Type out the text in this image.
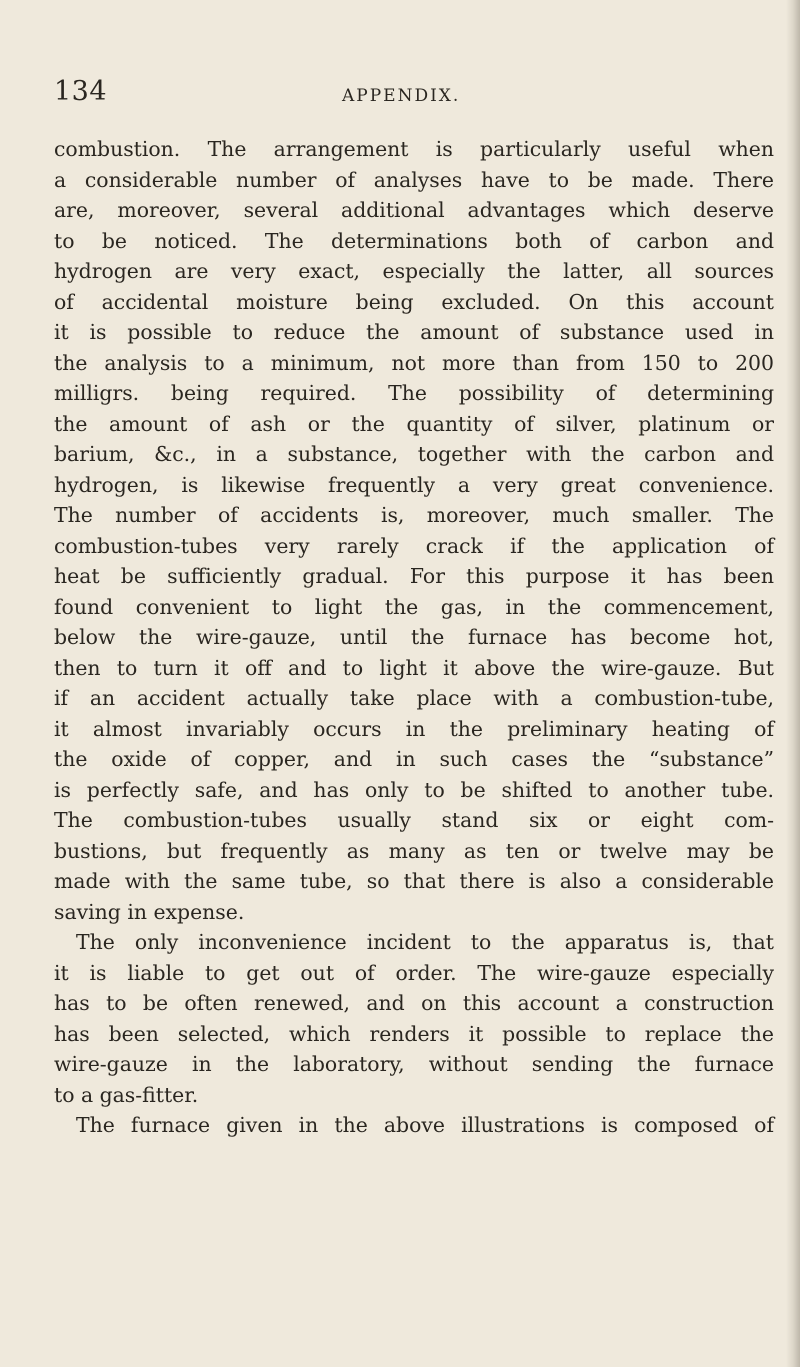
134	APPENDIX.
combustion. The arrangement is particularly useful when
a considerable number of analyses have to be made. There
are, moreover, several additional advantages which deserve
to be noticed. The determinations both of carbon and
hydrogen are very exact, especially the latter, all sources
of accidental moisture being excluded. On this account
it is possible to reduce the amount of substance used in
the analysis to a minimum, not more than from 150 to 200
milligrs. being required. The possibility of determining
the amount of ash or the quantity of silver, platinum or
barium, &c., in a substance, together with the carbon and
hydrogen, is likewise frequently a very great convenience.
The number of accidents is, moreover, much smaller. The
combustion-tubes very rarely crack if the application of
heat be sufficiently gradual. For this purpose it has been
found convenient to light the gas, in the commencement,
below the wire-gauze, until the furnace has become hot,
then to turn it off and to light it above the wire-gauze. But
if an accident actually take place with a combustion-tube,
it almost invariably occurs in the preliminary heating of
the oxide of copper, and in such cases the “substance”
is perfectly safe, and has only to be shifted to another tube.
The combustion-tubes usually stand six or eight com-
bustions, but frequently as many as ten or twelve may be
made with the same tube, so that there is also a considerable
saving in expense.
The only inconvenience incident to the apparatus is, that
it is liable to get out of order. The wire-gauze especially
has to be often renewed, and on this account a construction
has been selected, which renders it possible to replace the
wire-gauze in the laboratory, without sending the furnace
to a gas-fitter.
The furnace given in the above illustrations is composed of
